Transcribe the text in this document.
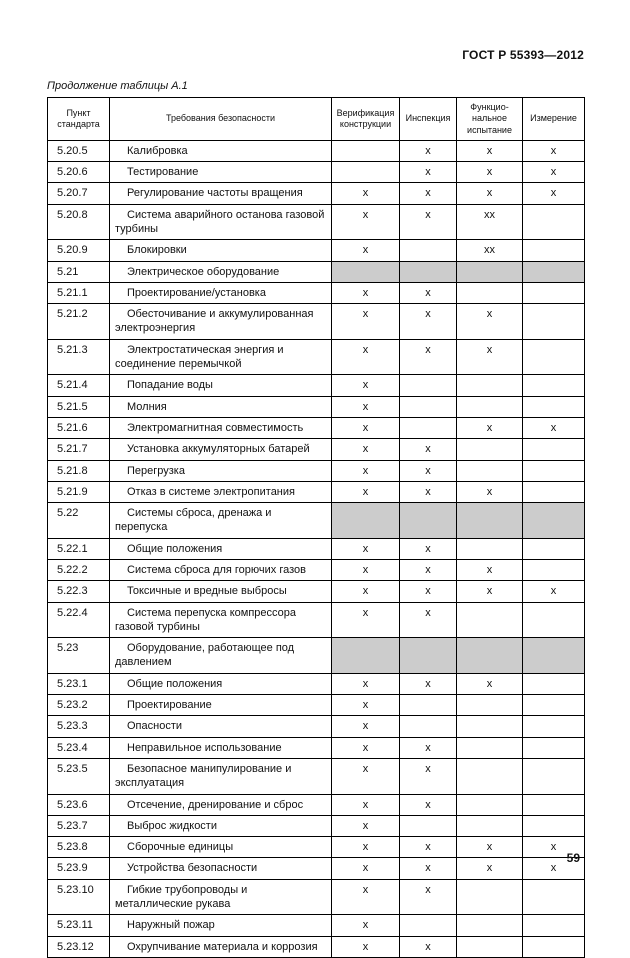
ГОСТ Р 55393—2012
Продолжение таблицы А.1
Пункт стандарта	Требования безопасности	Верификация конструкции	Инспекция	Функцио- нальное испытание	Измерение
5.20.5	Калибровка		x	x	x
5.20.6	Тестирование		x	x	x
5.20.7	Регулирование частоты вращения	x	x	x	x
5.20.8	Система аварийного останова газовой турбины	x	x	xx	
5.20.9	Блокировки	x		xx	
5.21	Электрическое оборудование				
5.21.1	Проектирование/установка	x	x		
5.21.2	Обесточивание и аккумулированная электроэнергия	x	x	x	
5.21.3	Электростатическая энергия и соединение перемычкой	x	x	x	
5.21.4	Попадание воды	x			
5.21.5	Молния	x			
5.21.6	Электромагнитная совместимость	x		x	x
5.21.7	Установка аккумуляторных батарей	x	x		
5.21.8	Перегрузка	x	x		
5.21.9	Отказ в системе электропитания	x	x	x	
5.22	Системы сброса, дренажа и перепуска				
5.22.1	Общие положения	x	x		
5.22.2	Система сброса для горючих газов	x	x	x	
5.22.3	Токсичные и вредные выбросы	x	x	x	x
5.22.4	Система перепуска компрессора газовой турбины	x	x		
5.23	Оборудование, работающее под давлением				
5.23.1	Общие положения	x	x	x	
5.23.2	Проектирование	x			
5.23.3	Опасности	x			
5.23.4	Неправильное использование	x	x		
5.23.5	Безопасное манипулирование и эксплуатация	x	x		
5.23.6	Отсечение, дренирование и сброс	x	x		
5.23.7	Выброс жидкости	x			
5.23.8	Сборочные единицы	x	x	x	x
5.23.9	Устройства безопасности	x	x	x	x
5.23.10	Гибкие трубопроводы и металлические рукава	x	x		
5.23.11	Наружный пожар	x			
5.23.12	Охрупчивание материала и коррозия	x	x		
59
